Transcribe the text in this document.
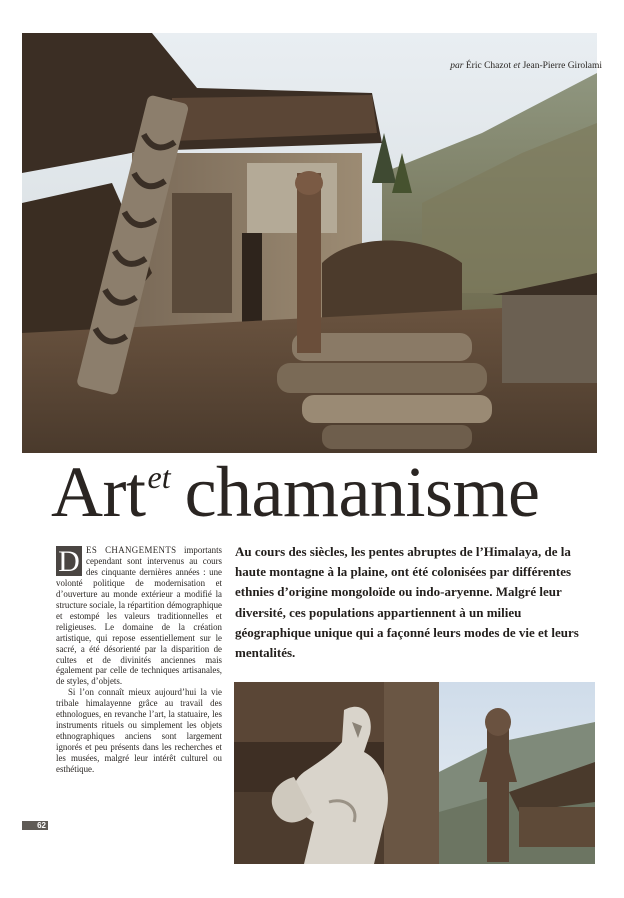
par Éric Chazot et Jean-Pierre Girolami
Artet chamanisme

D ES CHANGEMENTS importants cependant sont intervenus au cours des cinquante dernières années : une volonté politique de modernisation et d’ouverture au monde extérieur a modifié la structure sociale, la répartition démographique et estompé les valeurs traditionnelles et religieuses. Le domaine de la création artistique, qui repose essentiellement sur le sacré, a été désorienté par la disparition de cultes et de divinités anciennes mais également par celle de techniques artisanales, de styles, d’objets.

Si l’on connaît mieux aujourd’hui la vie tribale himalayenne grâce au travail des ethnologues, en revanche l’art, la statuaire, les instruments rituels ou simplement les objets ethnographiques anciens sont largement ignorés et peu présents dans les recherches et les musées, malgré leur intérêt culturel ou esthétique.

62
Au cours des siècles, les pentes abruptes de l’Himalaya, de la haute montagne à la plaine, ont été colonisées par différentes ethnies d’origine mongoloïde ou indo-aryenne. Malgré leur diversité, ces populations appartiennent à un milieu géographique unique qui a façonné leurs modes de vie et leurs mentalités.
